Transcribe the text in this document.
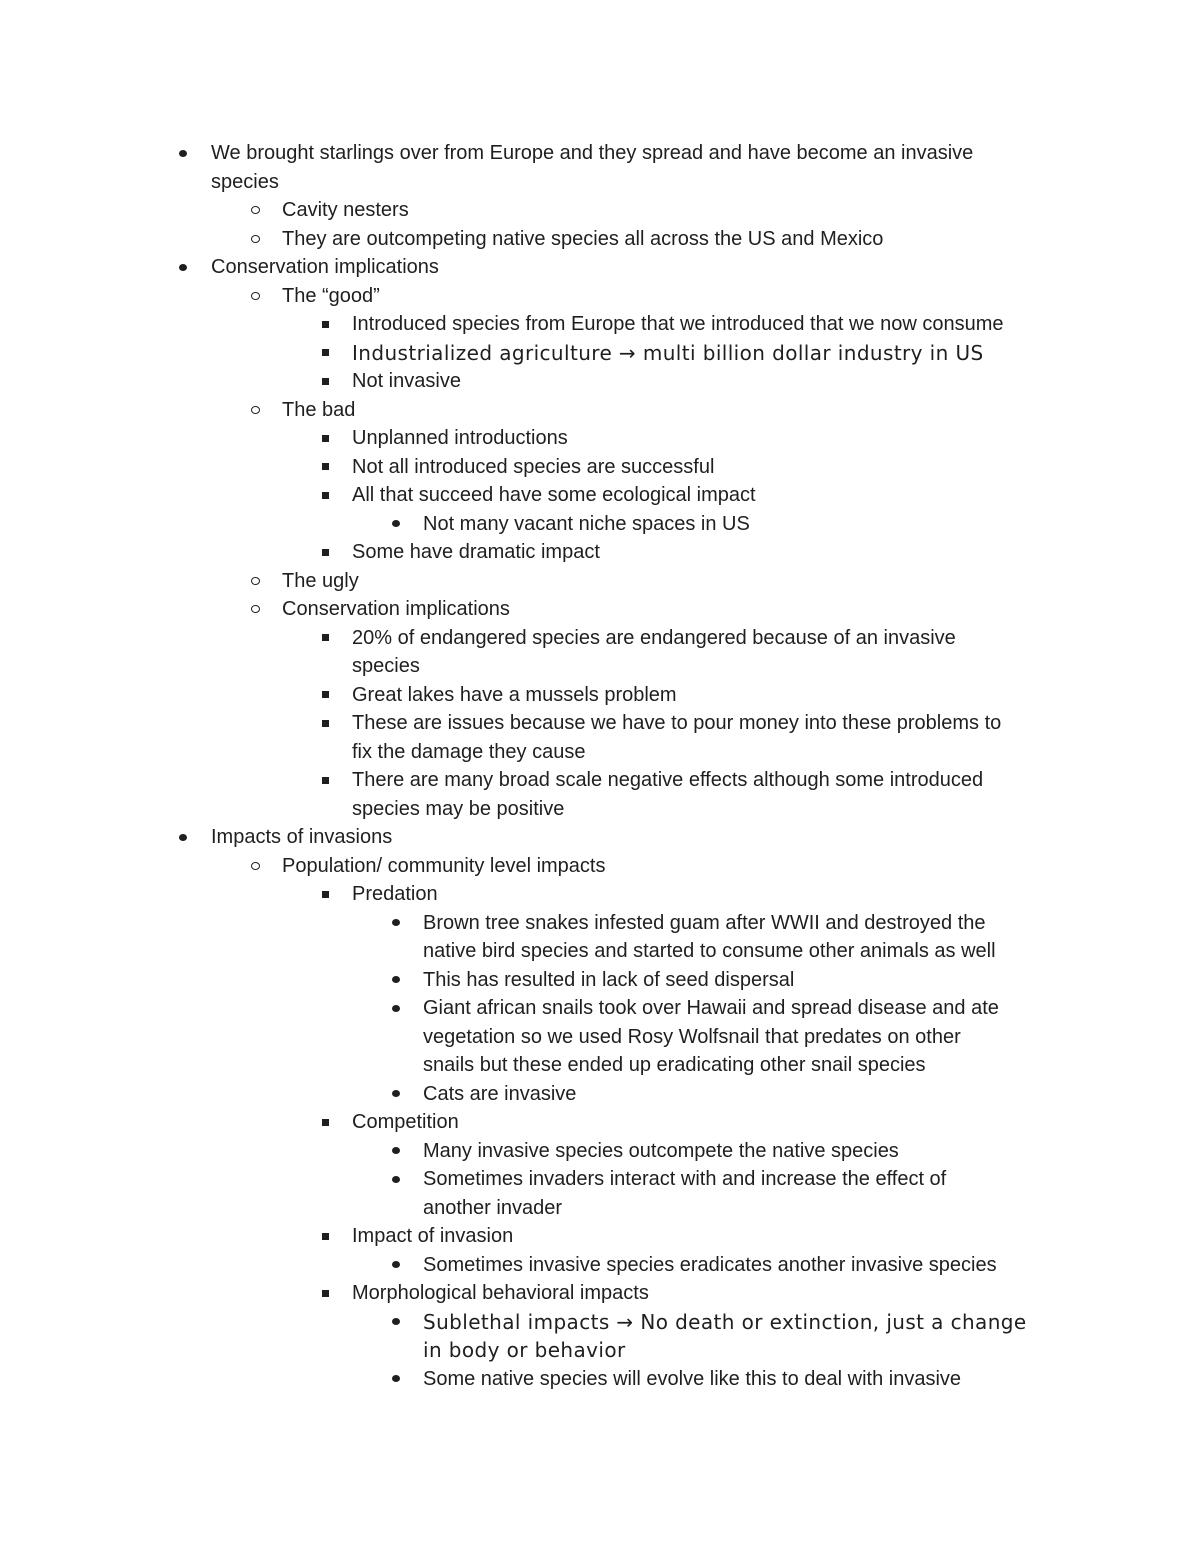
We brought starlings over from Europe and they spread and have become an invasive
species
Cavity nesters
They are outcompeting native species all across the US and Mexico
Conservation implications
The “good”
Introduced species from Europe that we introduced that we now consume
Industrialized agriculture → multi billion dollar industry in US
Not invasive
The bad
Unplanned introductions
Not all introduced species are successful
All that succeed have some ecological impact
Not many vacant niche spaces in US
Some have dramatic impact
The ugly
Conservation implications
20% of endangered species are endangered because of an invasive
species
Great lakes have a mussels problem
These are issues because we have to pour money into these problems to
fix the damage they cause
There are many broad scale negative effects although some introduced
species may be positive
Impacts of invasions
Population/ community level impacts
Predation
Brown tree snakes infested guam after WWII and destroyed the
native bird species and started to consume other animals as well
This has resulted in lack of seed dispersal
Giant african snails took over Hawaii and spread disease and ate
vegetation so we used Rosy Wolfsnail that predates on other
snails but these ended up eradicating other snail species
Cats are invasive
Competition
Many invasive species outcompete the native species
Sometimes invaders interact with and increase the effect of
another invader
Impact of invasion
Sometimes invasive species eradicates another invasive species
Morphological behavioral impacts
Sublethal impacts → No death or extinction, just a change
in body or behavior
Some native species will evolve like this to deal with invasive
